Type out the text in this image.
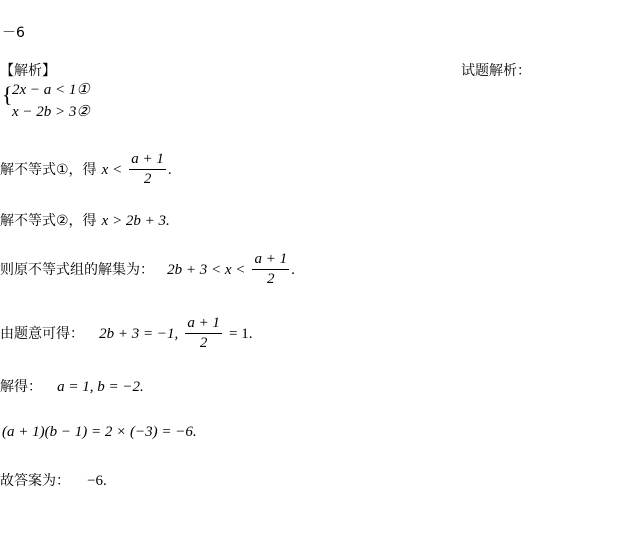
－6
【解析】	试题解析：
{ 2x − a < 1①
x − 2b > 3②
解不等式①，得 $x < \frac{a + 1}{2}$ .
解不等式②，得 x > 2b + 3.
则原不等式组的解集为： $2b + 3 < x < \frac{a + 1}{2}$ .
由题意可得： 2b + 3 = −1, $\frac{a + 1}{2} = 1$.
解得： a = 1, b = −2.
(a + 1)(b − 1) = 2 × (−3) = −6.
故答案为： −6.
